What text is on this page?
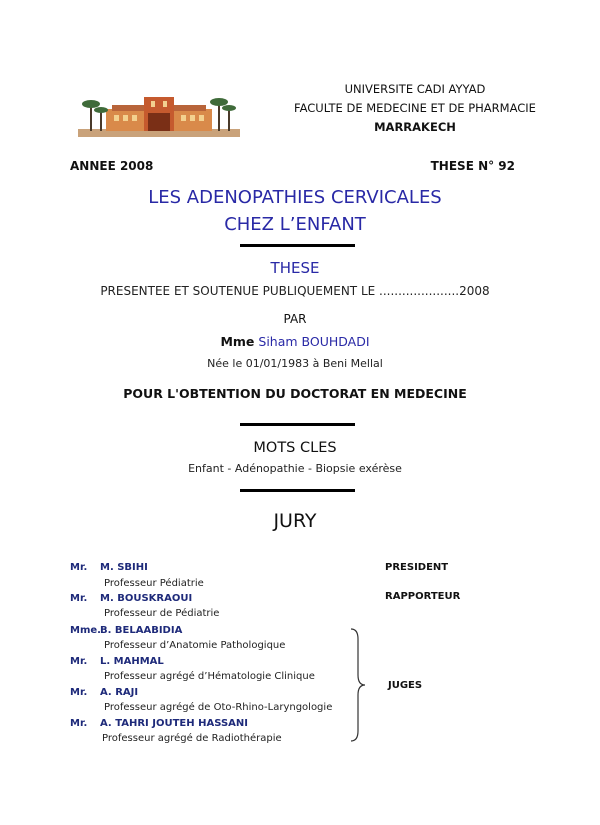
UNIVERSITE CADI AYYAD
FACULTE DE MEDECINE ET DE PHARMACIE
MARRAKECH
ANNEE 2008	THESE N° 92
LES ADENOPATHIES CERVICALES
CHEZ L’ENFANT
THESE
PRESENTEE ET SOUTENUE PUBLIQUEMENT LE .....................2008
PAR
Mme Siham BOUHDADI
Née le 01/01/1983 à Beni Mellal
POUR L'OBTENTION DU DOCTORAT EN MEDECINE
MOTS CLES
Enfant - Adénopathie - Biopsie exérèse
JURY
Mr. M. SBIHI
Professeur Pédiatrie
PRESIDENT
Mr. M. BOUSKRAOUI
Professeur de Pédiatrie
RAPPORTEUR
Mme. B. BELAABIDIA
Professeur d’Anatomie Pathologique
Mr. L. MAHMAL
Professeur agrégé d’Hématologie Clinique
Mr. A. RAJI
Professeur agrégé de Oto-Rhino-Laryngologie
Mr. A. TAHRI JOUTEH HASSANI
Professeur agrégé de Radiothérapie
JUGES
